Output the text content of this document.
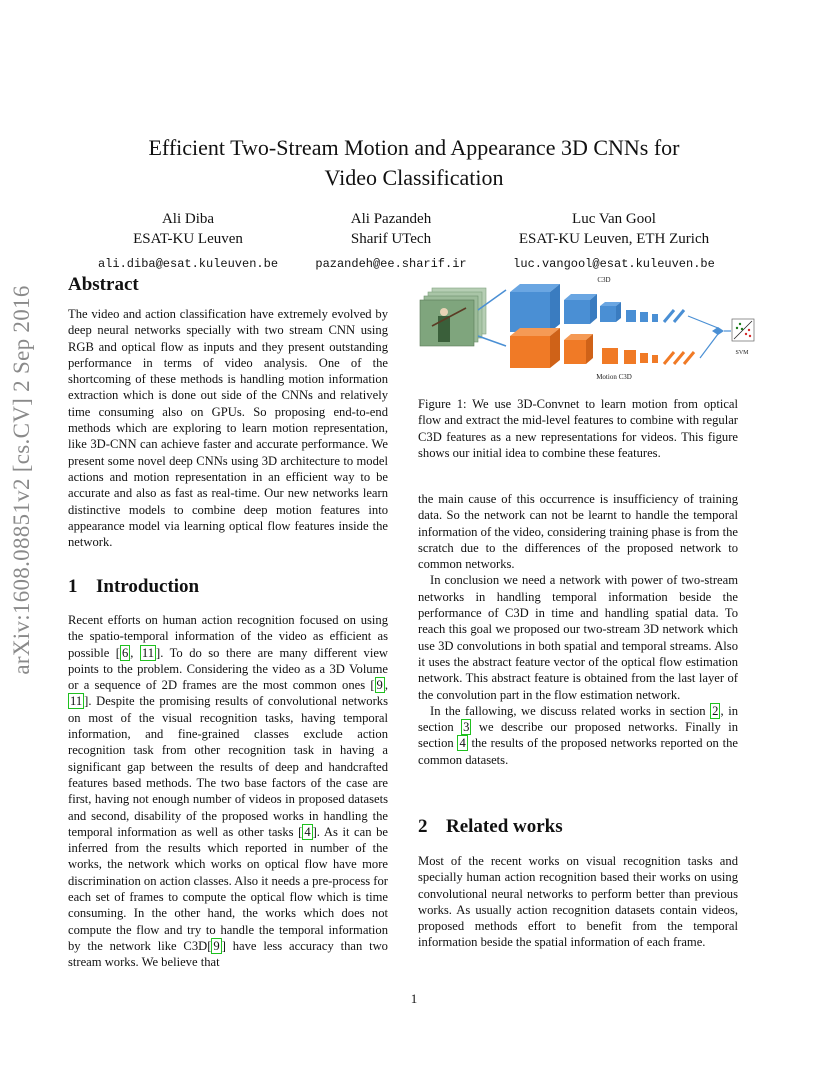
arXiv:1608.08851v2 [cs.CV] 2 Sep 2016
Efficient Two-Stream Motion and Appearance 3D CNNs for
Video Classification
Ali Diba
ESAT-KU Leuven
ali.diba@esat.kuleuven.be
Ali Pazandeh
Sharif UTech
pazandeh@ee.sharif.ir
Luc Van Gool
ESAT-KU Leuven, ETH Zurich
luc.vangool@esat.kuleuven.be
Abstract

The video and action classification have extremely evolved by deep neural networks specially with two stream CNN using RGB and optical flow as inputs and they present outstanding performance in terms of video analysis. One of the shortcoming of these methods is handling motion information extraction which is done out side of the CNNs and relatively time consuming also on GPUs. So proposing end-to-end methods which are exploring to learn motion representation, like 3D-CNN can achieve faster and accurate performance. We present some novel deep CNNs using 3D architecture to model actions and motion representation in an efficient way to be accurate and also as fast as real-time. Our new networks learn distinctive models to combine deep motion features into appearance model via learning optical flow features inside the network.

1 Introduction

Recent efforts on human action recognition focused on using the spatio-temporal information of the video as efficient as possible [ 6 , 11 ]. To do so there are many different view points to the problem. Considering the video as a 3D Volume or a sequence of 2D frames are the most common ones [ 9 , 11 ]. Despite the promising results of convolutional networks on most of the visual recognition tasks, having temporal information, and fine-grained classes exclude action recognition task from other recognition task in having a significant gap between the results of deep and handcrafted features based methods. The two base factors of the case are first, having not enough number of videos in proposed datasets and second, disability of the proposed works in handling the temporal information as well as other tasks [ 4 ]. As it can be inferred from the results which reported in number of the works, the network which works on optical flow have more discrimination on action classes. Also it needs a pre-process for each set of frames to compute the optical flow which is time consuming. In the other hand, the works which does not compute the flow and try to handle the temporal information by the network like C3D[ 9 ] have less accuracy than two stream works. We believe that

C3D
Motion C3D
SVM
Figure 1: We use 3D-Convnet to learn motion from optical flow and extract the mid-level features to combine with regular C3D features as a new representations for videos. This figure shows our initial idea to combine these features.

the main cause of this occurrence is insufficiency of training data. So the network can not be learnt to handle the temporal information of the video, considering training phase is from the scratch due to the differences of the proposed network to common networks.

In conclusion we need a network with power of two-stream networks in handling temporal information beside the performance of C3D in time and handling spatial data. To reach this goal we proposed our two-stream 3D network which use 3D convolutions in both spatial and temporal streams. Also it uses the abstract feature vector of the optical flow estimation network. This abstract feature is obtained from the last layer of the convolution part in the flow estimation network.

In the fallowing, we discuss related works in section 2 , in section 3 we describe our proposed networks. Finally in section 4 the results of the proposed networks reported on the common datasets.

2 Related works

Most of the recent works on visual recognition tasks and specially human action recognition based their works on using convolutional neural networks to perform better than previous works. As usually action recognition datasets contain videos, proposed methods effort to benefit from the temporal information beside the spatial information of each frame.

1
